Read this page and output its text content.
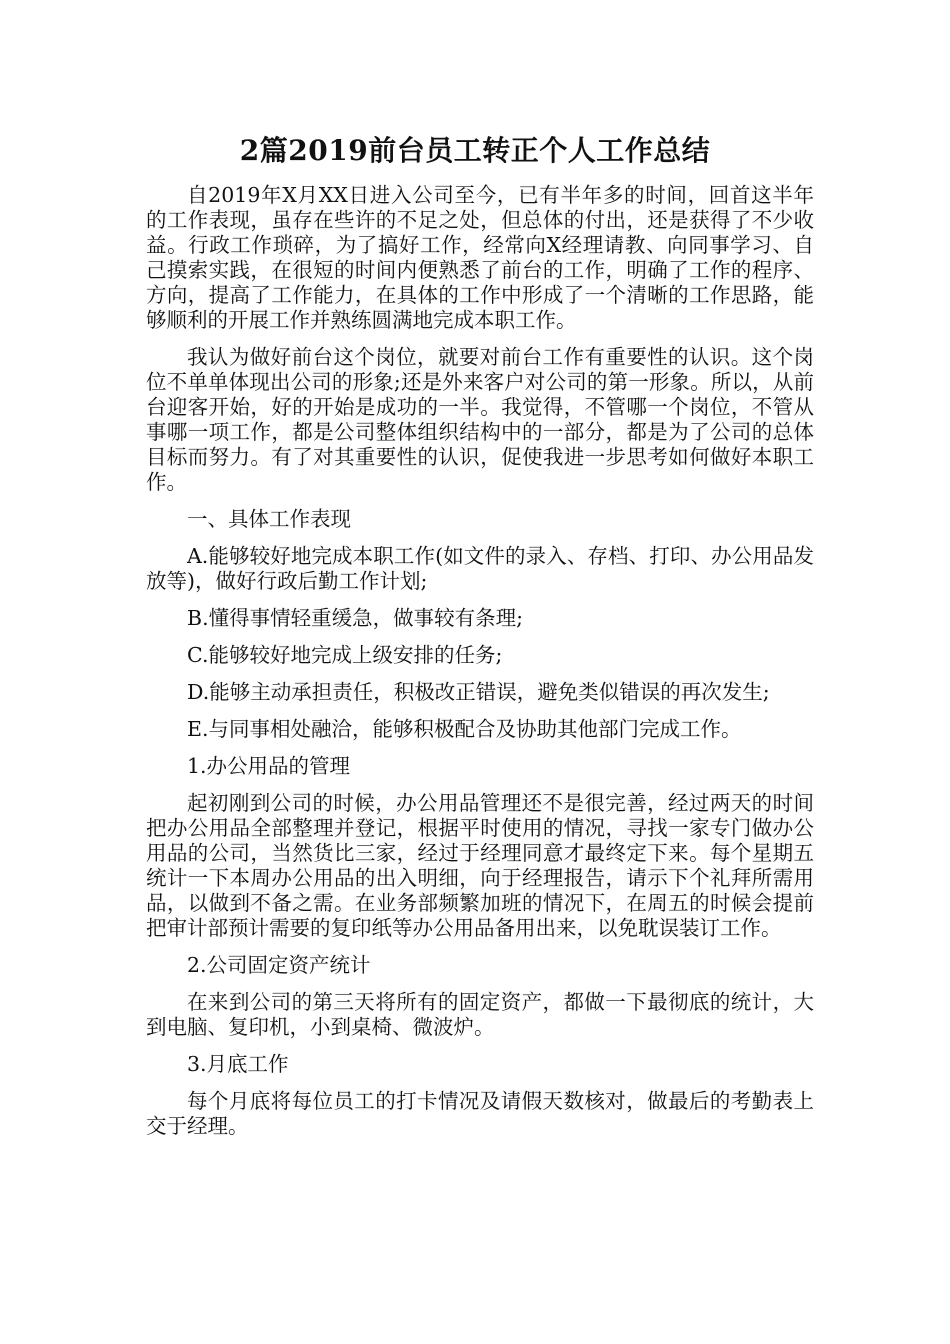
2篇2019前台员工转正个人工作总结

自2019年X月XX日进入公司至今，已有半年多的时间，回首这半年的工作表现，虽存在些许的不足之处，但总体的付出，还是获得了不少收益。行政工作琐碎，为了搞好工作，经常向X经理请教、向同事学习、自己摸索实践，在很短的时间内便熟悉了前台的工作，明确了工作的程序、方向，提高了工作能力，在具体的工作中形成了一个清晰的工作思路，能够顺利的开展工作并熟练圆满地完成本职工作。

我认为做好前台这个岗位，就要对前台工作有重要性的认识。这个岗位不单单体现出公司的形象;还是外来客户对公司的第一形象。所以，从前台迎客开始，好的开始是成功的一半。我觉得，不管哪一个岗位，不管从事哪一项工作，都是公司整体组织结构中的一部分，都是为了公司的总体目标而努力。有了对其重要性的认识，促使我进一步思考如何做好本职工作。

一、具体工作表现

A.能够较好地完成本职工作(如文件的录入、存档、打印、办公用品发放等)，做好行政后勤工作计划;

B.懂得事情轻重缓急，做事较有条理;

C.能够较好地完成上级安排的任务;

D.能够主动承担责任，积极改正错误，避免类似错误的再次发生;

E.与同事相处融洽，能够积极配合及协助其他部门完成工作。

1.办公用品的管理

起初刚到公司的时候，办公用品管理还不是很完善，经过两天的时间把办公用品全部整理并登记，根据平时使用的情况，寻找一家专门做办公用品的公司，当然货比三家，经过于经理同意才最终定下来。每个星期五统计一下本周办公用品的出入明细，向于经理报告，请示下个礼拜所需用品，以做到不备之需。在业务部频繁加班的情况下，在周五的时候会提前把审计部预计需要的复印纸等办公用品备用出来，以免耽误装订工作。

2.公司固定资产统计

在来到公司的第三天将所有的固定资产，都做一下最彻底的统计，大到电脑、复印机，小到桌椅、微波炉。

3.月底工作

每个月底将每位员工的打卡情况及请假天数核对，做最后的考勤表上交于经理。
